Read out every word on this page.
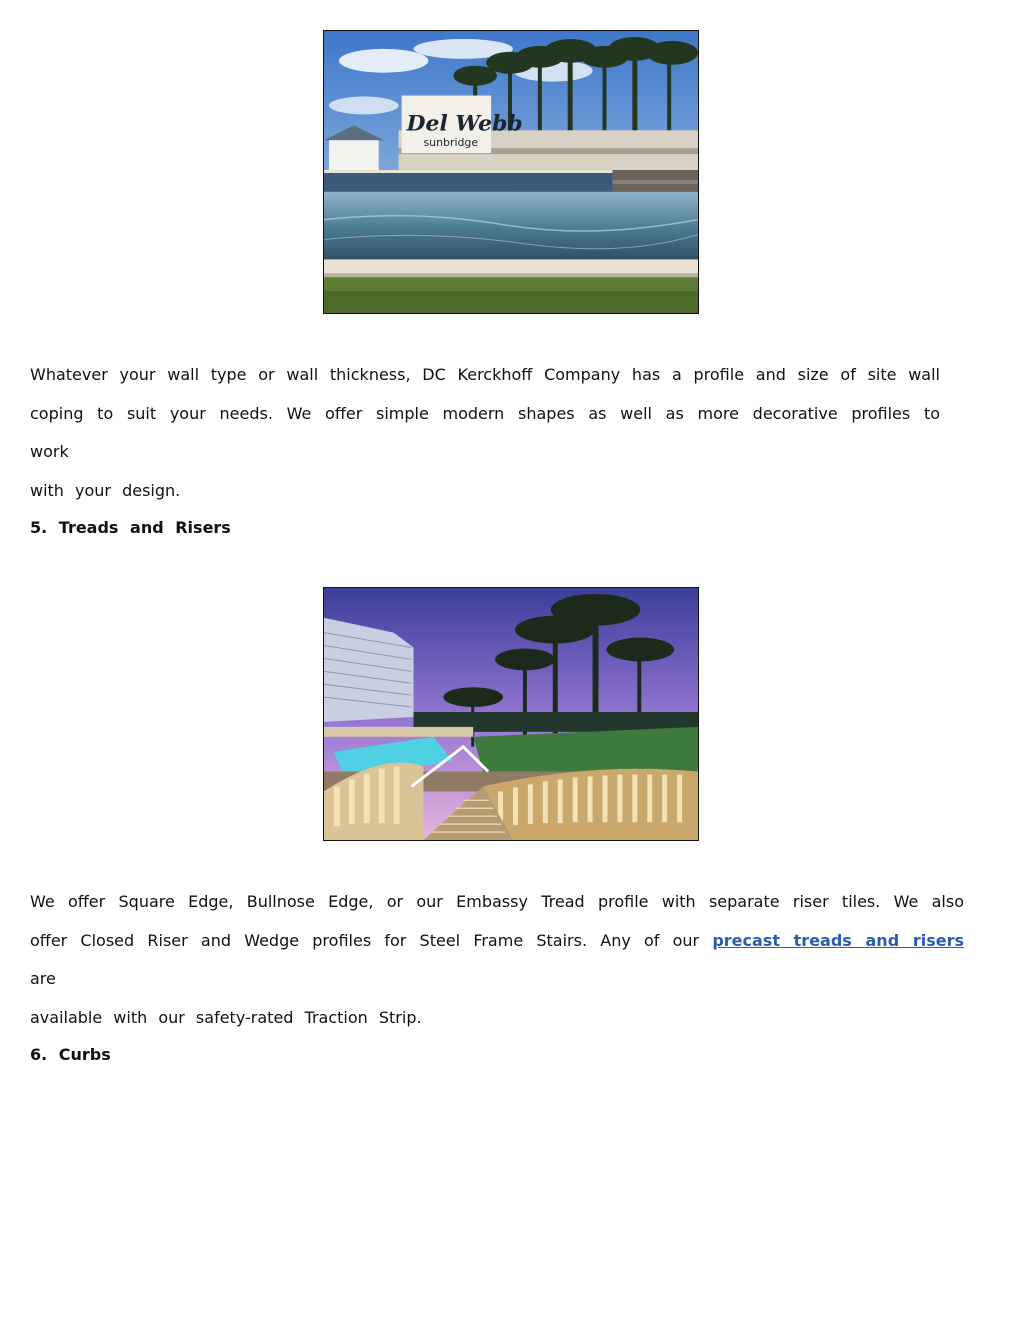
Del Webb
sunbridge

Whatever your wall type or wall thickness, DC Kerckhoff Company has a profile and size of site wall
coping to suit your needs. We offer simple modern shapes as well as more decorative profiles to work
with your design.

5. Treads and Risers

We offer Square Edge, Bullnose Edge, or our Embassy Tread profile with separate riser tiles. We also
offer Closed Riser and Wedge profiles for Steel Frame Stairs. Any of our precast treads and risers are
available with our safety-rated Traction Strip.

6. Curbs
